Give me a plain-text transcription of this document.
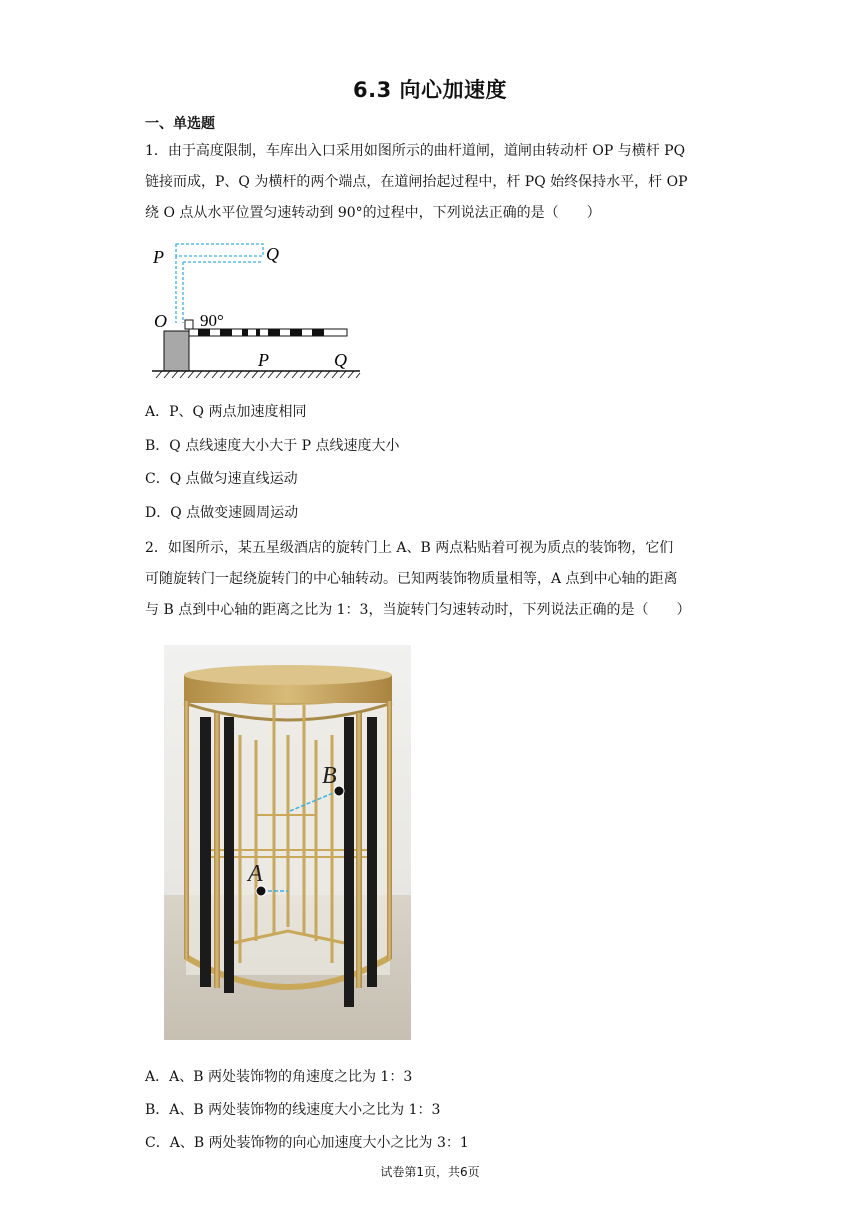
6.3 向心加速度
一、单选题
1．由于高度限制，车库出入口采用如图所示的曲杆道闸，道闸由转动杆 OP 与横杆 PQ
链接而成，P、Q 为横杆的两个端点，在道闸抬起过程中，杆 PQ 始终保持水平，杆 OP
绕 O 点从水平位置匀速转动到 90°的过程中，下列说法正确的是（　　）
P	Q
O 90°
P	Q
A．P、Q 两点加速度相同
B．Q 点线速度大小大于 P 点线速度大小
C．Q 点做匀速直线运动
D．Q 点做变速圆周运动
2．如图所示，某五星级酒店的旋转门上 A、B 两点粘贴着可视为质点的装饰物，它们
可随旋转门一起绕旋转门的中心轴转动。已知两装饰物质量相等，A 点到中心轴的距离
与 B 点到中心轴的距离之比为 1：3，当旋转门匀速转动时，下列说法正确的是（　　）
B
A
A．A、B 两处装饰物的角速度之比为 1：3
B．A、B 两处装饰物的线速度大小之比为 1：3
C．A、B 两处装饰物的向心加速度大小之比为 3：1
试卷第1页，共6页
